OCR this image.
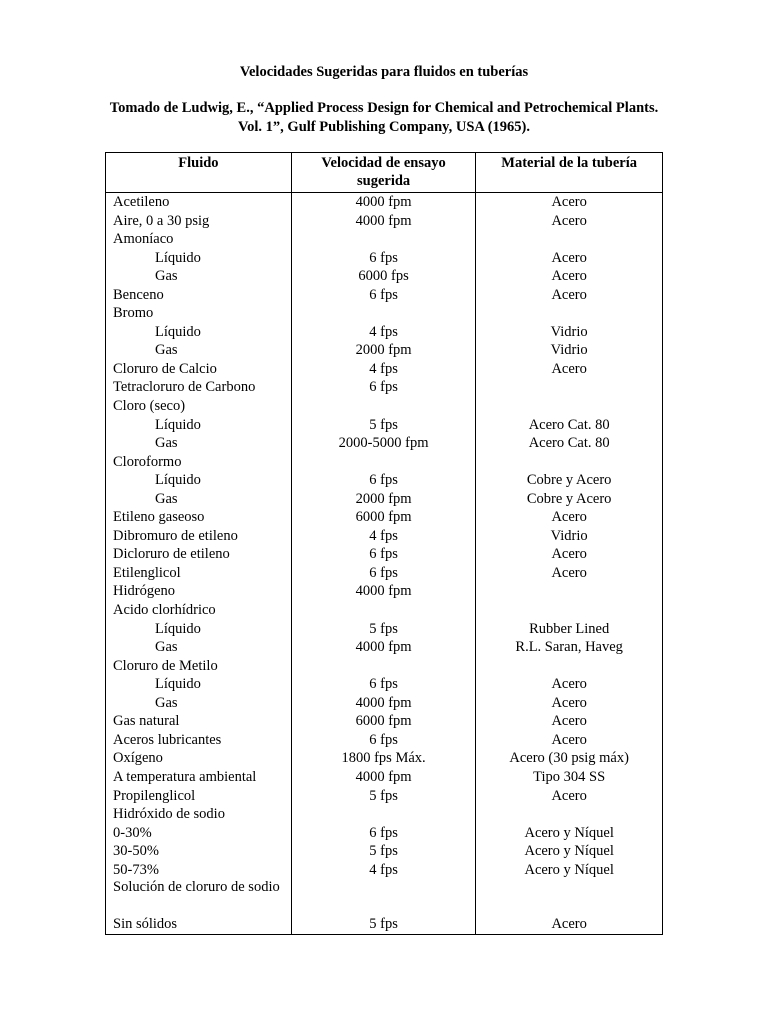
Velocidades Sugeridas para fluidos en tuberías
Tomado de Ludwig, E., “Applied Process Design for Chemical and Petrochemical Plants. Vol. 1”, Gulf Publishing Company, USA (1965).
Fluido	Velocidad de ensayo sugerida	Material de la tubería
Acetileno	4000 fpm	Acero
Aire, 0 a 30 psig	4000 fpm	Acero
Amoníaco		
Líquido	6 fps	Acero
Gas	6000 fps	Acero
Benceno	6 fps	Acero
Bromo		
Líquido	4 fps	Vidrio
Gas	2000 fpm	Vidrio
Cloruro de Calcio	4 fps	Acero
Tetracloruro de Carbono	6 fps	
Cloro (seco)		
Líquido	5 fps	Acero Cat. 80
Gas	2000-5000 fpm	Acero Cat. 80
Cloroformo		
Líquido	6 fps	Cobre y Acero
Gas	2000 fpm	Cobre y Acero
Etileno gaseoso	6000 fpm	Acero
Dibromuro de etileno	4 fps	Vidrio
Dicloruro de etileno	6 fps	Acero
Etilenglicol	6 fps	Acero
Hidrógeno	4000 fpm	
Acido clorhídrico		
Líquido	5 fps	Rubber Lined
Gas	4000 fpm	R.L. Saran, Haveg
Cloruro de Metilo		
Líquido	6 fps	Acero
Gas	4000 fpm	Acero
Gas natural	6000 fpm	Acero
Aceros lubricantes	6 fps	Acero
Oxígeno	1800 fps Máx.	Acero (30 psig máx)
A temperatura ambiental	4000 fpm	Tipo 304 SS
Propilenglicol	5 fps	Acero
Hidróxido de sodio		
0-30%	6 fps	Acero y Níquel
30-50%	5 fps	Acero y Níquel
50-73%	4 fps	Acero y Níquel
Solución de cloruro de sodio		
Sin sólidos	5 fps	Acero
